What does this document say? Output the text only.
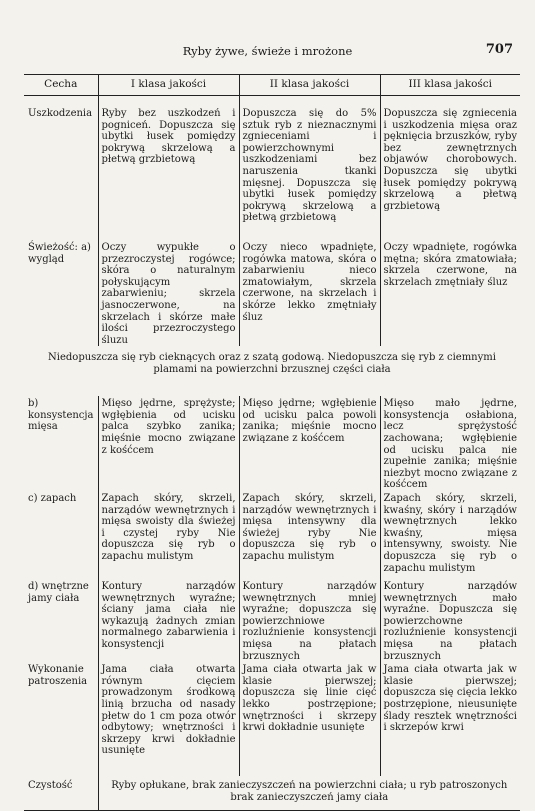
Ryby żywe, świeże i mrożone	707
Cecha	I klasa jakości	II klasa jakości	III klasa jakości
Uszkodzenia	Ryby bez uszkodzeń i pogniceń. Dopuszcza się ubytki łusek pomiędzy pokrywą skrzelową a płetwą grzbietową	Dopuszcza się do 5% sztuk ryb z nieznacznymi zgnieceniami i powierzchownymi uszkodzeniami bez naruszenia tkanki mięsnej. Dopuszcza się ubytki łusek pomiędzy pokrywą skrzelową a płetwą grzbietową	Dopuszcza się zgniecenia i uszkodzenia mięsa oraz pęknięcia brzuszków, ryby bez zewnętrznych objawów chorobowych. Dopuszcza się ubytki łusek pomiędzy pokrywą skrzelową a płetwą grzbietową
Świeżość: a) wygląd	Oczy wypukłe o przezroczystej rogówce; skóra o naturalnym połyskującym zabarwieniu; skrzela jasnoczerwone, na skrzelach i skórze małe ilości przezroczystego śluzu	Oczy nieco wpadnięte, rogówka matowa, skóra o zabarwieniu nieco zmatowiałym, skrzela czerwone, na skrzelach i skórze lekko zmętniały śluz	Oczy wpadnięte, rogówka mętna; skóra zmatowiała; skrzela czerwone, na skrzelach zmętniały śluz
Niedopuszcza się ryb cieknących oraz z szatą godową. Niedopuszcza się ryb z ciemnymi plamami na powierzchni brzusznej części ciała			
b) konsystencja mięsa	Mięso jędrne, sprężyste; wgłębienia od ucisku palca szybko zanika; mięśnie mocno związane z kośćcem	Mięso jędrne; wgłębienie od ucisku palca powoli zanika; mięśnie mocno związane z kośćcem	Mięso mało jędrne, konsystencja osłabiona, lecz sprężystość zachowana; wgłębienie od ucisku palca nie zupełnie zanika; mięśnie niezbyt mocno związane z kośćcem
c) zapach	Zapach skóry, skrzeli, narządów wewnętrznych i mięsa swoisty dla świeżej i czystej ryby Nie dopuszcza się ryb o zapachu mulistym	Zapach skóry, skrzeli, narządów wewnętrznych i mięsa intensywny dla świeżej ryby Nie dopuszcza się ryb o zapachu mulistym	Zapach skóry, skrzeli, kwaśny, skóry i narządów wewnętrznych lekko kwaśny, mięsa intensywny, swoisty. Nie dopuszcza się ryb o zapachu mulistym
d) wnętrzne jamy ciała	Kontury narządów wewnętrznych wyraźne; ściany jama ciała nie wykazują żadnych zmian normalnego zabarwienia i konsystencji	Kontury narządów wewnętrznych mniej wyraźne; dopuszcza się powierzchniowe rozluźnienie konsystencji mięsa na płatach brzusznych	Kontury narządów wewnętrznych mało wyraźne. Dopuszcza się powierzchowne rozluźnienie konsystencji mięsa na płatach brzusznych
Wykonanie patroszenia	Jama ciała otwarta równym cięciem prowadzonym środkową linią brzucha od nasady płetw do 1 cm poza otwór odbytowy; wnętrzności i skrzepy krwi dokładnie usunięte	Jama ciała otwarta jak w klasie pierwszej; dopuszcza się linie cięć lekko postrzępione; wnętrzności i skrzepy krwi dokładnie usunięte	Jama ciała otwarta jak w klasie pierwszej; dopuszcza się cięcia lekko postrzępione, nieusunięte ślady resztek wnętrzności i skrzepów krwi
Czystość	Ryby opłukane, brak zanieczyszczeń na powierzchni ciała; u ryb patroszonych brak zanieczyszczeń jamy ciała		
